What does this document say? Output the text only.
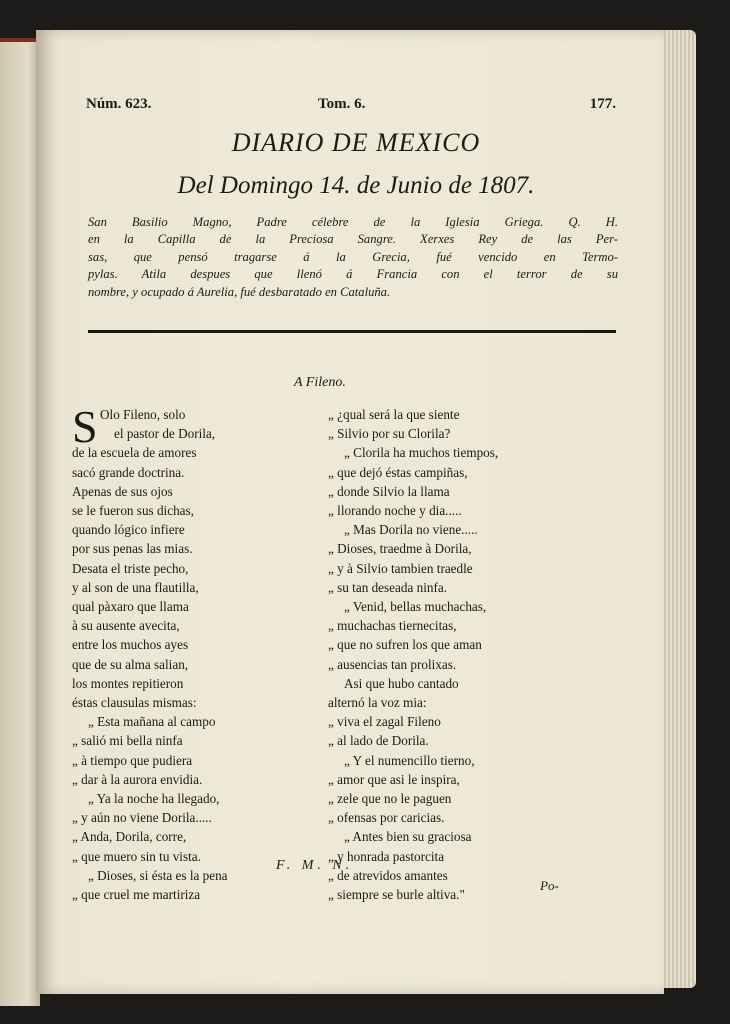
Núm. 623.	Tom. 6.	177.
DIARIO DE MEXICO
Del Domingo 14. de Junio de 1807.
San Basilio Magno, Padre célebre de la Iglesia Griega. Q. H.
en la Capilla de la Preciosa Sangre. Xerxes Rey de las Per-
sas, que pensó tragarse á la Grecia, fué vencido en Termo-
pylas. Atila despues que llenó á Francia con el terror de su
nombre, y ocupado á Aurelia, fué desbaratado en Cataluña.
A Fileno.
S Olo Fileno, solo
el pastor de Dorila,
de la escuela de amores
sacó grande doctrina.
Apenas de sus ojos
se le fueron sus dichas,
quando lógico infiere
por sus penas las mias.
Desata el triste pecho,
y al son de una flautilla,
qual pàxaro que llama
à su ausente avecita,
entre los muchos ayes
que de su alma salian,
los montes repitieron
éstas clausulas mismas:
„ Esta mañana al campo
„ salió mi bella ninfa
„ à tiempo que pudiera
„ dar à la aurora envidia.
„ Ya la noche ha llegado,
„ y aún no viene Dorila.....
„ Anda, Dorila, corre,
„ que muero sin tu vista.
„ Dioses, si ésta es la pena
„ que cruel me martiriza
„ ¿qual será la que siente
„ Silvio por su Clorila?
„ Clorila ha muchos tiempos,
„ que dejó éstas campiñas,
„ donde Silvio la llama
„ llorando noche y dia.....
„ Mas Dorila no viene.....
„ Dioses, traedme à Dorila,
„ y à Silvio tambien traedle
„ su tan deseada ninfa.
„ Venid, bellas muchachas,
„ muchachas tiernecitas,
„ que no sufren los que aman
„ ausencias tan prolixas.
Asi que hubo cantado
alternó la voz mia:
„ viva el zagal Fileno
„ al lado de Dorila.
„ Y el numencillo tierno,
„ amor que asi le inspira,
„ zele que no le paguen
„ ofensas por caricias.
„ Antes bien su graciosa
„ y honrada pastorcita
„ de atrevidos amantes
„ siempre se burle altiva."
F. M. N.
Po-
